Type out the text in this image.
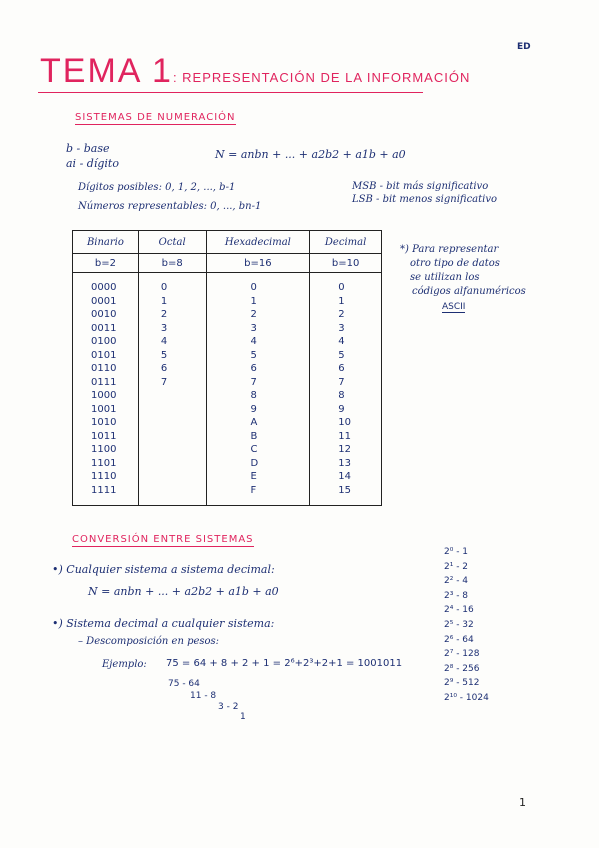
ED
TEMA 1: REPRESENTACIÓN DE LA INFORMACIÓN
SISTEMAS DE NUMERACIÓN
b - base
ai - dígito
N = anbn + ... + a2b2 + a1b + a0
Dígitos posibles: 0, 1, 2, ..., b-1
Números representables: 0, ..., bn-1
MSB - bit más significativo
LSB - bit menos significativo
Binario	Octal	Hexadecimal	Decimal
b=2	b=8	b=16	b=10

0000	0	0	0
0001	1	1	1
0010	2	2	2
0011	3	3	3
0100	4	4	4
0101	5	5	5
0110	6	6	6
0111	7	7	7
1000		8	8
1001		9	9
1010		A	10
1011		B	11
1100		C	12
1101		D	13
1110		E	14
1111		F	15

*) Para representar
otro tipo de datos
se utilizan los
códigos alfanuméricos
ASCII
CONVERSIÓN ENTRE SISTEMAS
•) Cualquier sistema a sistema decimal:
N = anbn + ... + a2b2 + a1b + a0
•) Sistema decimal a cualquier sistema:
– Descomposición en pesos:
Ejemplo: 75 = 64 + 8 + 2 + 1 = 2⁶+2³+2+1 = 1001011
75 - 64
11 - 8
3 - 2
1
2⁰ - 1
2¹ - 2
2² - 4
2³ - 8
2⁴ - 16
2⁵ - 32
2⁶ - 64
2⁷ - 128
2⁸ - 256
2⁹ - 512
2¹⁰ - 1024
1
